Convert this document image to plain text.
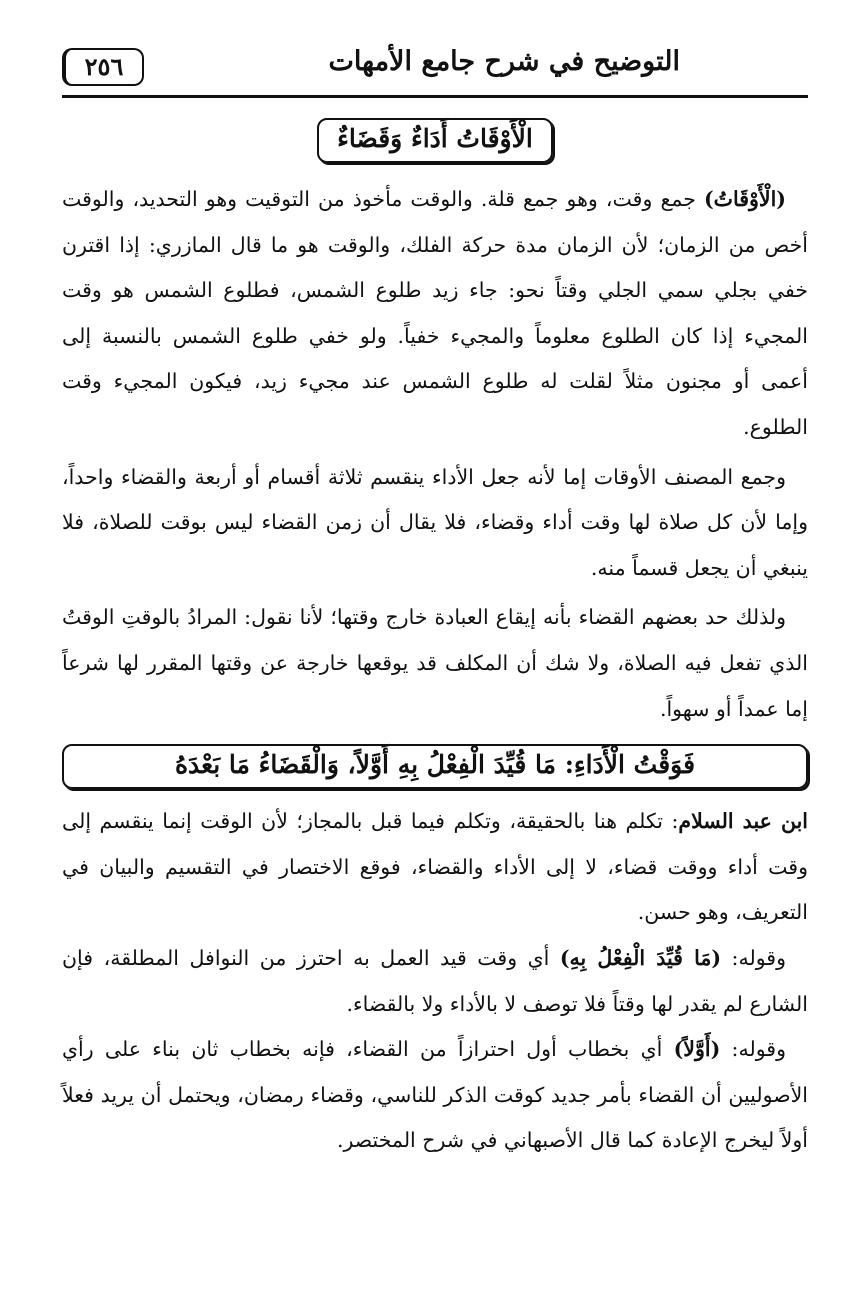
التوضيح في شرح جامع الأمهات
٢٥٦
الْأَوْقَاتُ أَدَاءٌ وَقَضَاءٌ

(الْأَوْقَاتُ) جمع وقت، وهو جمع قلة. والوقت مأخوذ من التوقيت وهو التحديد، والوقت أخص من الزمان؛ لأن الزمان مدة حركة الفلك، والوقت هو ما قال المازري: إذا اقترن خفي بجلي سمي الجلي وقتاً نحو: جاء زيد طلوع الشمس، فطلوع الشمس هو وقت المجيء إذا كان الطلوع معلوماً والمجيء خفياً. ولو خفي طلوع الشمس بالنسبة إلى أعمى أو مجنون مثلاً لقلت له طلوع الشمس عند مجيء زيد، فيكون المجيء وقت الطلوع.

وجمع المصنف الأوقات إما لأنه جعل الأداء ينقسم ثلاثة أقسام أو أربعة والقضاء واحداً، وإما لأن كل صلاة لها وقت أداء وقضاء، فلا يقال أن زمن القضاء ليس بوقت للصلاة، فلا ينبغي أن يجعل قسماً منه.

ولذلك حد بعضهم القضاء بأنه إيقاع العبادة خارج وقتها؛ لأنا نقول: المرادُ بالوقتِ الوقتُ الذي تفعل فيه الصلاة، ولا شك أن المكلف قد يوقعها خارجة عن وقتها المقرر لها شرعاً إما عمداً أو سهواً.

فَوَقْتُ الْأَدَاءِ: مَا قُيِّدَ الْفِعْلُ بِهِ أَوَّلاً، وَالْقَضَاءُ مَا بَعْدَهُ

ابن عبد السلام: تكلم هنا بالحقيقة، وتكلم فيما قبل بالمجاز؛ لأن الوقت إنما ينقسم إلى وقت أداء ووقت قضاء، لا إلى الأداء والقضاء، فوقع الاختصار في التقسيم والبيان في التعريف، وهو حسن.

وقوله: (مَا قُيِّدَ الْفِعْلُ بِهِ) أي وقت قيد العمل به احترز من النوافل المطلقة، فإن الشارع لم يقدر لها وقتاً فلا توصف لا بالأداء ولا بالقضاء.

وقوله: (أَوَّلاً) أي بخطاب أول احترازاً من القضاء، فإنه بخطاب ثان بناء على رأي الأصوليين أن القضاء بأمر جديد كوقت الذكر للناسي، وقضاء رمضان، ويحتمل أن يريد فعلاً أولاً ليخرج الإعادة كما قال الأصبهاني في شرح المختصر.
